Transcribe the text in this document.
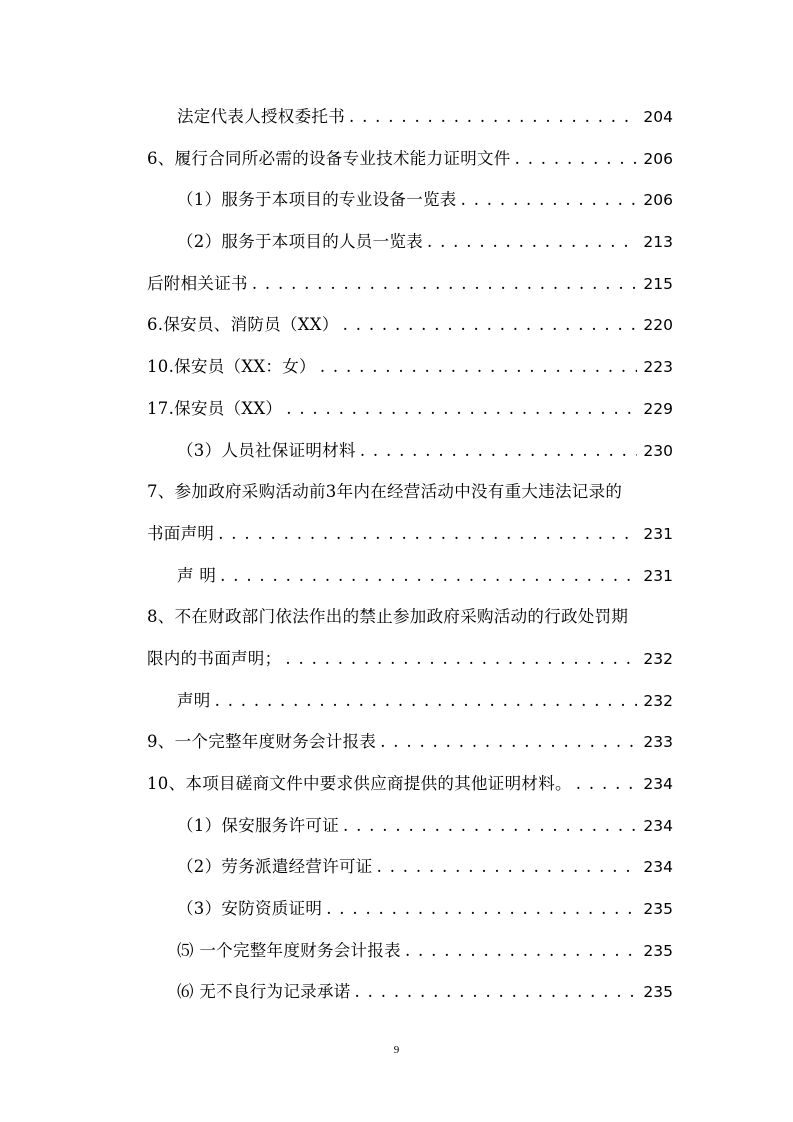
法定代表人授权委托书 . . .	204
6、履行合同所必需的设备专业技术能力证明文件 . . .	206
（1）服务于本项目的专业设备一览表 . . .	206
（2）服务于本项目的人员一览表 . . .	213
后附相关证书 . . .	215
6.保安员、消防员（XX） . . .	220
10.保安员（XX：女） . . .	223
17.保安员（XX） . . .	229
（3）人员社保证明材料 . . .	230
7、参加政府采购活动前3年内在经营活动中没有重大违法记录的
书面声明 . . .	231
声 明 . . .	231
8、不在财政部门依法作出的禁止参加政府采购活动的行政处罚期
限内的书面声明； . . .	232
声明 . . .	232
9、一个完整年度财务会计报表 . . .	233
10、本项目磋商文件中要求供应商提供的其他证明材料。 . . .	234
（1）保安服务许可证 . . .	234
（2）劳务派遣经营许可证 . . .	234
（3）安防资质证明 . . .	235
⑸ 一个完整年度财务会计报表 . . .	235
⑹ 无不良行为记录承诺 . . .	235
9
